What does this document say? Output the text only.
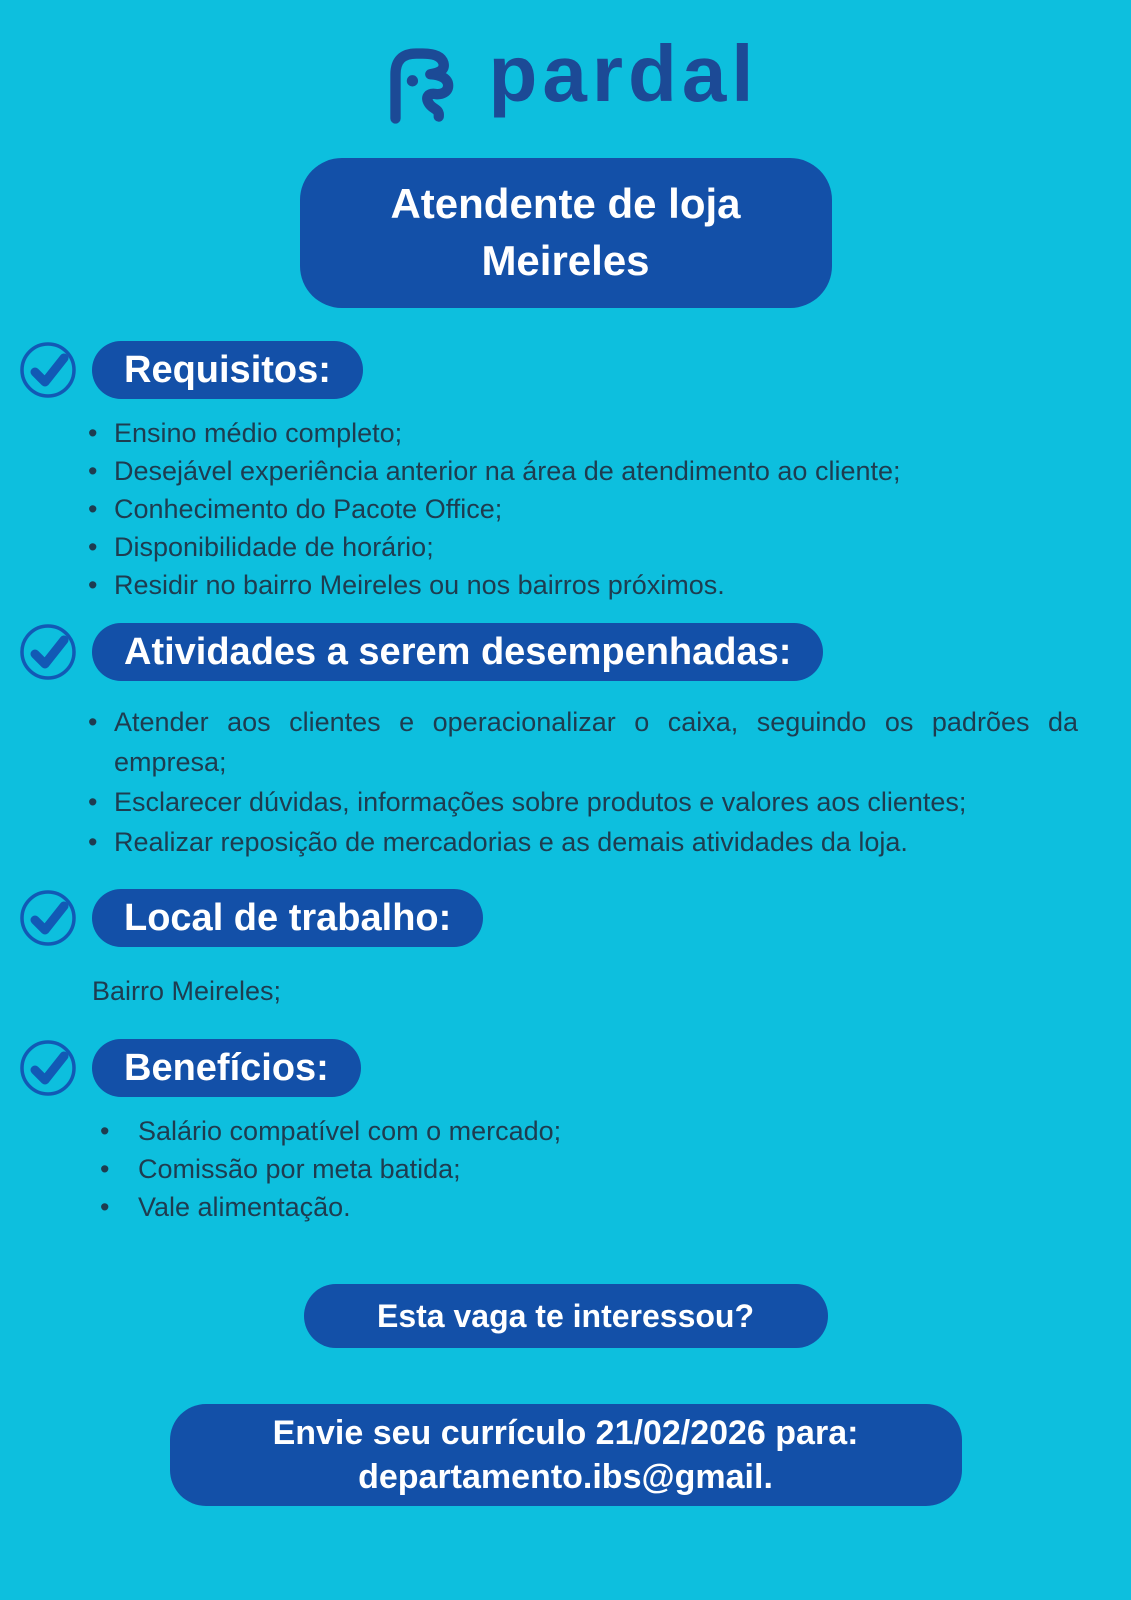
pardal
Atendente de loja
Meireles
Requisitos:
• Ensino médio completo;
• Desejável experiência anterior na área de atendimento ao cliente;
• Conhecimento do Pacote Office;
• Disponibilidade de horário;
• Residir no bairro Meireles ou nos bairros próximos.
Atividades a serem desempenhadas:
• Atender aos clientes e operacionalizar o caixa, seguindo os padrões da empresa;
• Esclarecer dúvidas, informações sobre produtos e valores aos clientes;
• Realizar reposição de mercadorias e as demais atividades da loja.
Local de trabalho:
Bairro Meireles;
Benefícios:
• Salário compatível com o mercado;
• Comissão por meta batida;
• Vale alimentação.
Esta vaga te interessou?
Envie seu currículo 21/02/2026 para:
departamento.ibs@gmail.
